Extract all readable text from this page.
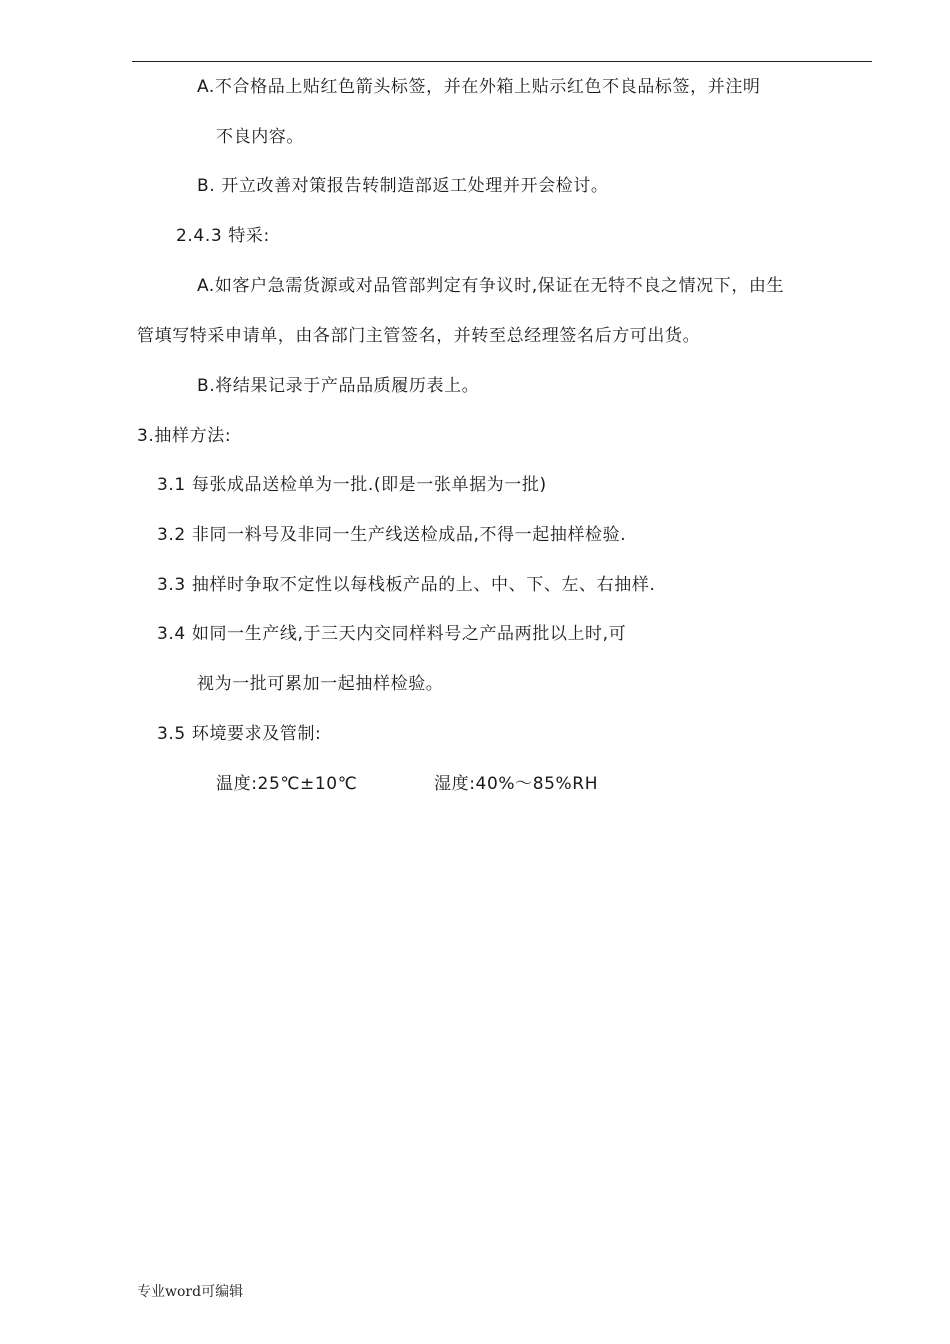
A.不合格品上贴红色箭头标签，并在外箱上贴示红色不良品标签，并注明
不良内容。
B. 开立改善对策报告转制造部返工处理并开会检讨。
2.4.3 特采:
A.如客户急需货源或对品管部判定有争议时,保证在无特不良之情况下，由生
管填写特采申请单，由各部门主管签名，并转至总经理签名后方可出货。
B.将结果记录于产品品质履历表上。
3.抽样方法:
3.1 每张成品送检单为一批.(即是一张单据为一批)
3.2 非同一料号及非同一生产线送检成品,不得一起抽样检验.
3.3 抽样时争取不定性以每栈板产品的上、中、下、左、右抽样.
3.4 如同一生产线,于三天内交同样料号之产品两批以上时,可
视为一批可累加一起抽样检验。
3.5 环境要求及管制:
温度:25℃±10℃	湿度:40%～85%RH
专业word可编辑
